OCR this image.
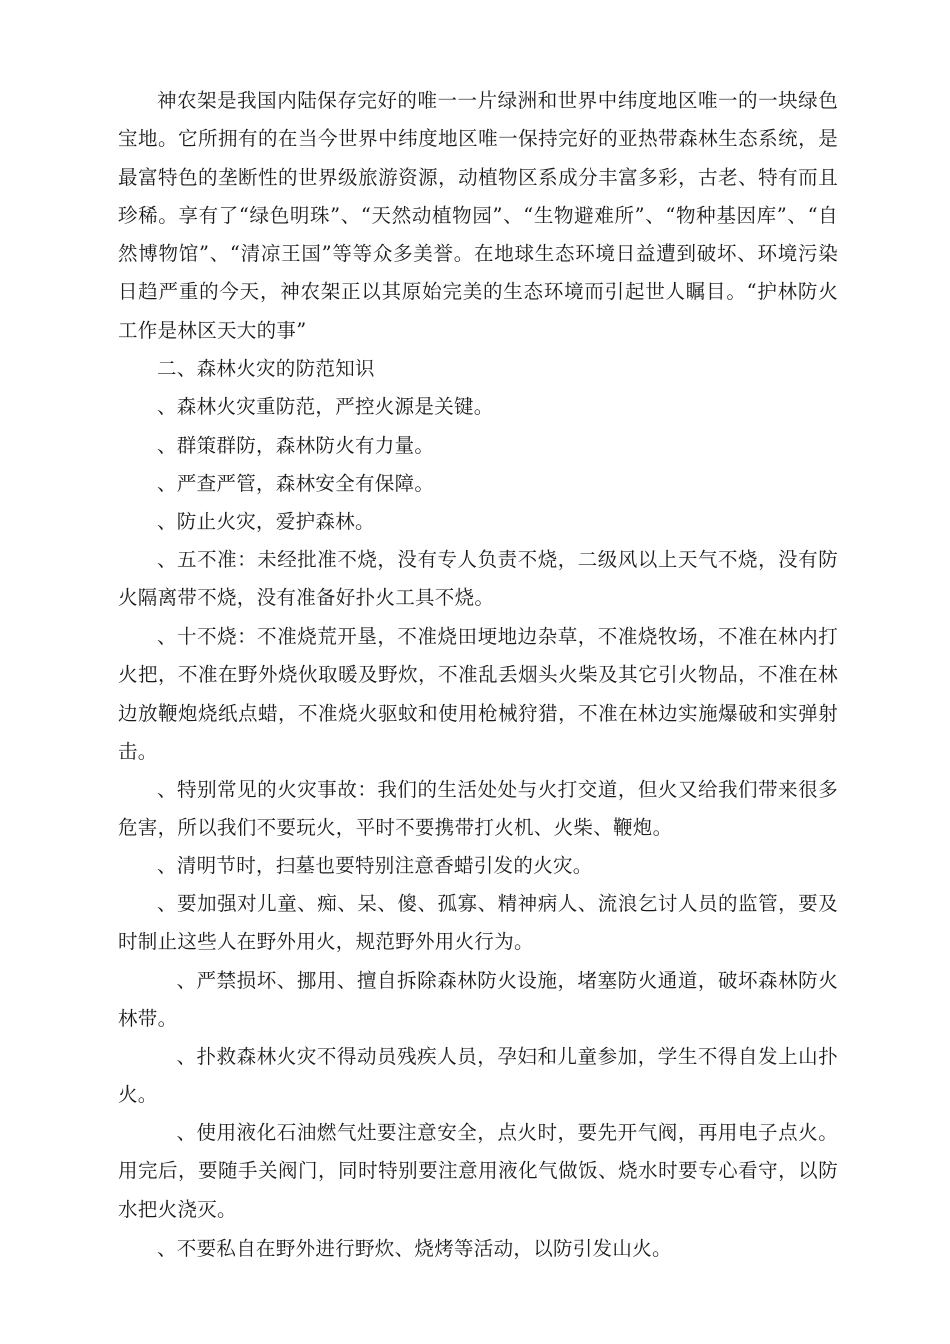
神农架是我国内陆保存完好的唯一一片绿洲和世界中纬度地区唯一的一块绿色宝地。它所拥有的在当今世界中纬度地区唯一保持完好的亚热带森林生态系统，是最富特色的垄断性的世界级旅游资源，动植物区系成分丰富多彩，古老、特有而且珍稀。享有了“绿色明珠”、“天然动植物园”、“生物避难所”、“物种基因库”、“自然博物馆”、“清凉王国”等等众多美誉。在地球生态环境日益遭到破坏、环境污染日趋严重的今天，神农架正以其原始完美的生态环境而引起世人瞩目。“护林防火工作是林区天大的事”

二、森林火灾的防范知识

、森林火灾重防范，严控火源是关键。

、群策群防，森林防火有力量。

、严查严管，森林安全有保障。

、防止火灾，爱护森林。

、五不准：未经批准不烧，没有专人负责不烧，二级风以上天气不烧，没有防火隔离带不烧，没有准备好扑火工具不烧。

、十不烧：不准烧荒开垦，不准烧田埂地边杂草，不准烧牧场，不准在林内打火把，不准在野外烧伙取暖及野炊，不准乱丢烟头火柴及其它引火物品，不准在林边放鞭炮烧纸点蜡，不准烧火驱蚊和使用枪械狩猎，不准在林边实施爆破和实弹射击。

、特别常见的火灾事故：我们的生活处处与火打交道，但火又给我们带来很多危害，所以我们不要玩火，平时不要携带打火机、火柴、鞭炮。

、清明节时，扫墓也要特别注意香蜡引发的火灾。

、要加强对儿童、痴、呆、傻、孤寡、精神病人、流浪乞讨人员的监管，要及时制止这些人在野外用火，规范野外用火行为。

、严禁损坏、挪用、擅自拆除森林防火设施，堵塞防火通道，破坏森林防火林带。

、扑救森林火灾不得动员残疾人员，孕妇和儿童参加，学生不得自发上山扑火。

、使用液化石油燃气灶要注意安全，点火时，要先开气阀，再用电子点火。用完后，要随手关阀门，同时特别要注意用液化气做饭、烧水时要专心看守，以防水把火浇灭。

、不要私自在野外进行野炊、烧烤等活动，以防引发山火。
